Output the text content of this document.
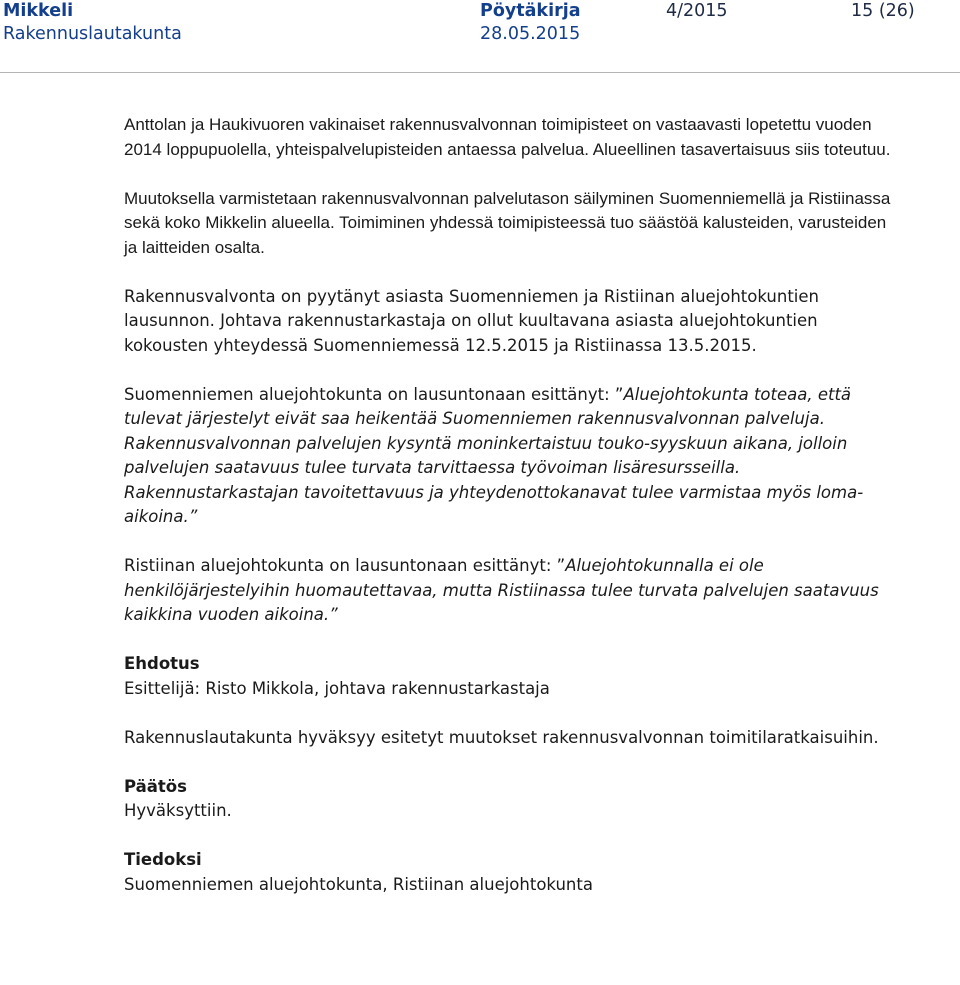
Mikkeli
Rakennuslautakunta
Pöytäkirja
28.05.2015
4/2015	15 (26)

Anttolan ja Haukivuoren vakinaiset rakennusvalvonnan toimipisteet on vastaavasti lopetettu vuoden 2014 loppupuolella, yhteispalvelupisteiden antaessa palvelua. Alueellinen tasavertaisuus siis toteutuu.

Muutoksella varmistetaan rakennusvalvonnan palvelutason säilyminen Suomenniemellä ja Ristiinassa sekä koko Mikkelin alueella. Toimiminen yhdessä toimipisteessä tuo säästöä kalusteiden, varusteiden ja laitteiden osalta.

Rakennusvalvonta on pyytänyt asiasta Suomenniemen ja Ristiinan aluejohtokuntien lausunnon. Johtava rakennustarkastaja on ollut kuultavana asiasta aluejohtokuntien kokousten yhteydessä Suomenniemessä 12.5.2015 ja Ristiinassa 13.5.2015.

Suomenniemen aluejohtokunta on lausuntonaan esittänyt: ”Aluejohtokunta toteaa, että tulevat järjestelyt eivät saa heikentää Suomenniemen rakennusvalvonnan palveluja. Rakennusvalvonnan palvelujen kysyntä moninkertaistuu touko-syyskuun aikana, jolloin palvelujen saatavuus tulee turvata tarvittaessa työvoiman lisäresursseilla. Rakennustarkastajan tavoitettavuus ja yhteydenottokanavat tulee varmistaa myös loma-aikoina.”

Ristiinan aluejohtokunta on lausuntonaan esittänyt: ”Aluejohtokunnalla ei ole henkilöjärjestelyihin huomautettavaa, mutta Ristiinassa tulee turvata palvelujen saatavuus kaikkina vuoden aikoina.”

Ehdotus

Esittelijä: Risto Mikkola, johtava rakennustarkastaja

Rakennuslautakunta hyväksyy esitetyt muutokset rakennusvalvonnan toimitilaratkaisuihin.

Päätös

Hyväksyttiin.

Tiedoksi

Suomenniemen aluejohtokunta, Ristiinan aluejohtokunta
